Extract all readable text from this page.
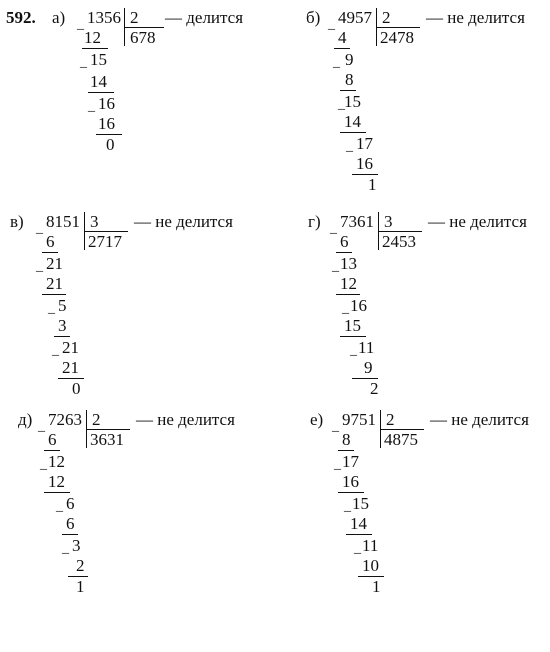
592. а) _ 1356 2
678
— делится
12
_ 15
14
_ 16
16
0
б) _ 4957 2
2478
— не делится
4
_ 9
8
_ 15
14
_ 17
16
1
в) _ 8151 3
2717
— не делится
6
_ 21
21
_ 5
3
_ 21
21
0
г) _ 7361 3
2453
— не делится
6
_ 13
12
_ 16
15
_ 11
9
2
д) _ 7263 2
3631
— не делится
6
_ 12
12
_ 6
6
_ 3
2
1
е) _ 9751 2
4875
— не делится
8
_ 17
16
_ 15
14
_ 11
10
1
